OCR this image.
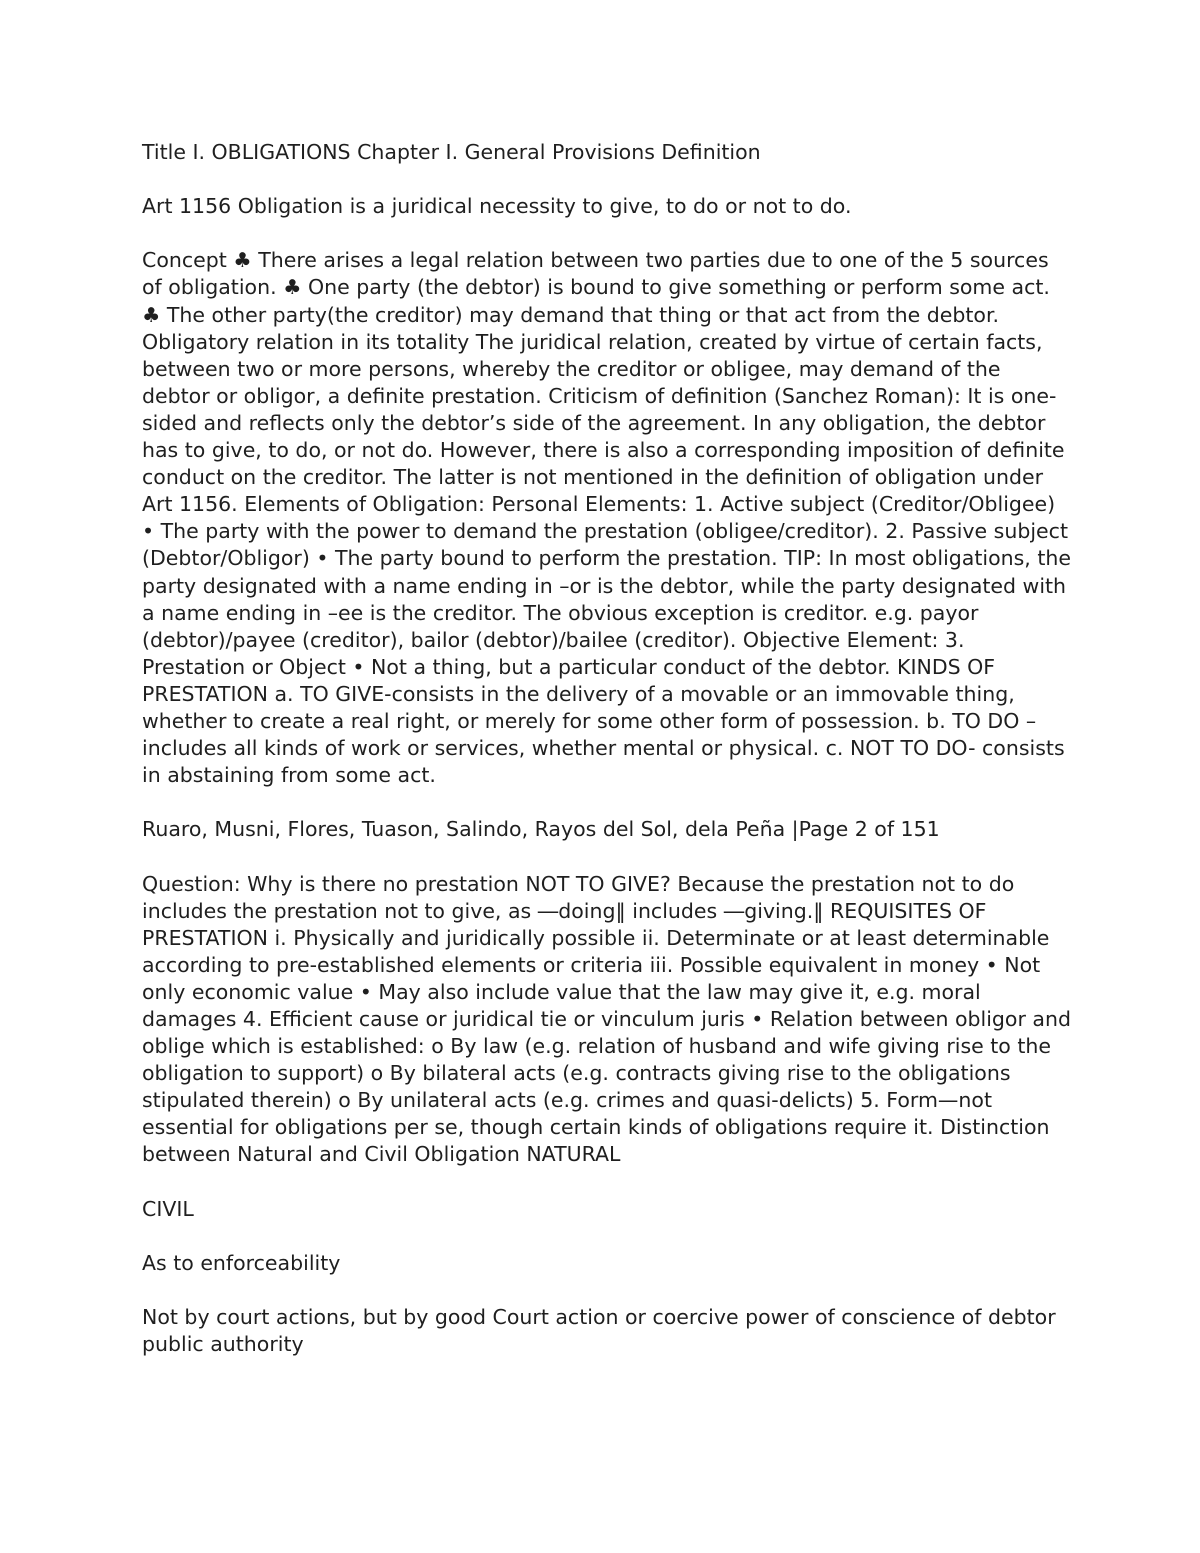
Title I. OBLIGATIONS Chapter I. General Provisions Definition

Art 1156 Obligation is a juridical necessity to give, to do or not to do.

Concept ♣ There arises a legal relation between two parties due to one of the 5 sources of obligation. ♣ One party (the debtor) is bound to give something or perform some act. ♣ The other party(the creditor) may demand that thing or that act from the debtor. Obligatory relation in its totality The juridical relation, created by virtue of certain facts, between two or more persons, whereby the creditor or obligee, may demand of the debtor or obligor, a definite prestation. Criticism of definition (Sanchez Roman): It is one-sided and reflects only the debtor’s side of the agreement. In any obligation, the debtor has to give, to do, or not do. However, there is also a corresponding imposition of definite conduct on the creditor. The latter is not mentioned in the definition of obligation under Art 1156. Elements of Obligation: Personal Elements: 1. Active subject (Creditor/Obligee) • The party with the power to demand the prestation (obligee/creditor). 2. Passive subject (Debtor/Obligor) • The party bound to perform the prestation. TIP: In most obligations, the party designated with a name ending in –or is the debtor, while the party designated with a name ending in –ee is the creditor. The obvious exception is creditor. e.g. payor (debtor)/payee (creditor), bailor (debtor)/bailee (creditor). Objective Element: 3. Prestation or Object • Not a thing, but a particular conduct of the debtor. KINDS OF PRESTATION a. TO GIVE-consists in the delivery of a movable or an immovable thing, whether to create a real right, or merely for some other form of possession. b. TO DO – includes all kinds of work or services, whether mental or physical. c. NOT TO DO- consists in abstaining from some act.

Ruaro, Musni, Flores, Tuason, Salindo, Rayos del Sol, dela Peña |Page 2 of 151

Question: Why is there no prestation NOT TO GIVE? Because the prestation not to do includes the prestation not to give, as ―doing‖ includes ―giving.‖ REQUISITES OF PRESTATION i. Physically and juridically possible ii. Determinate or at least determinable according to pre-established elements or criteria iii. Possible equivalent in money • Not only economic value • May also include value that the law may give it, e.g. moral damages 4. Efficient cause or juridical tie or vinculum juris • Relation between obligor and oblige which is established: o By law (e.g. relation of husband and wife giving rise to the obligation to support) o By bilateral acts (e.g. contracts giving rise to the obligations stipulated therein) o By unilateral acts (e.g. crimes and quasi-delicts) 5. Form—not essential for obligations per se, though certain kinds of obligations require it. Distinction between Natural and Civil Obligation NATURAL

CIVIL

As to enforceability

Not by court actions, but by good Court action or coercive power of conscience of debtor public authority
